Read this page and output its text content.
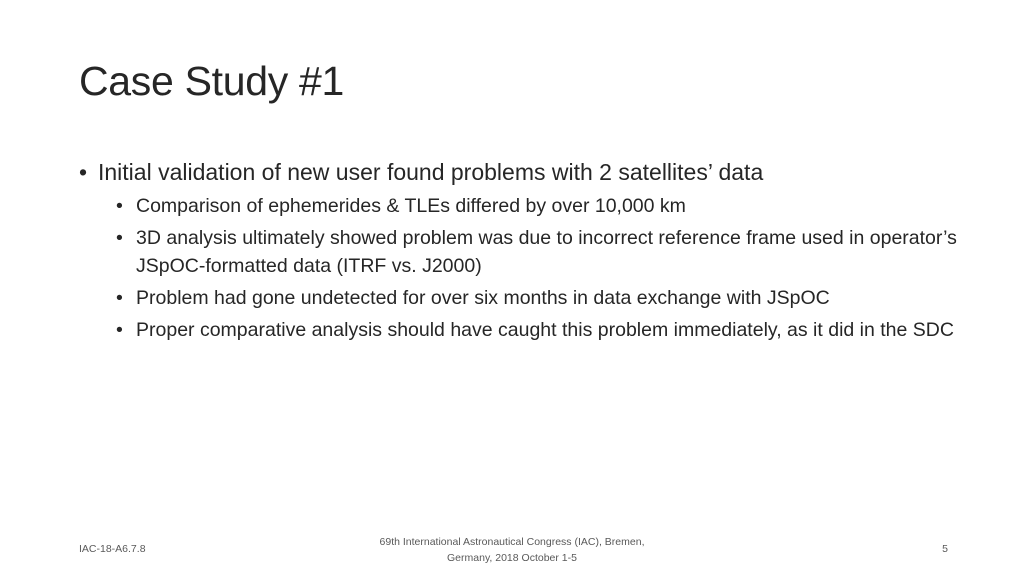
Case Study #1
• Initial validation of new user found problems with 2 satellites’ data
• Comparison of ephemerides & TLEs differed by over 10,000 km
• 3D analysis ultimately showed problem was due to incorrect reference frame used in operator’s JSpOC-formatted data (ITRF vs. J2000)
• Problem had gone undetected for over six months in data exchange with JSpOC
• Proper comparative analysis should have caught this problem immediately, as it did in the SDC
IAC-18-A6.7.8
69th International Astronautical Congress (IAC), Bremen,
Germany, 2018 October 1-5
5
